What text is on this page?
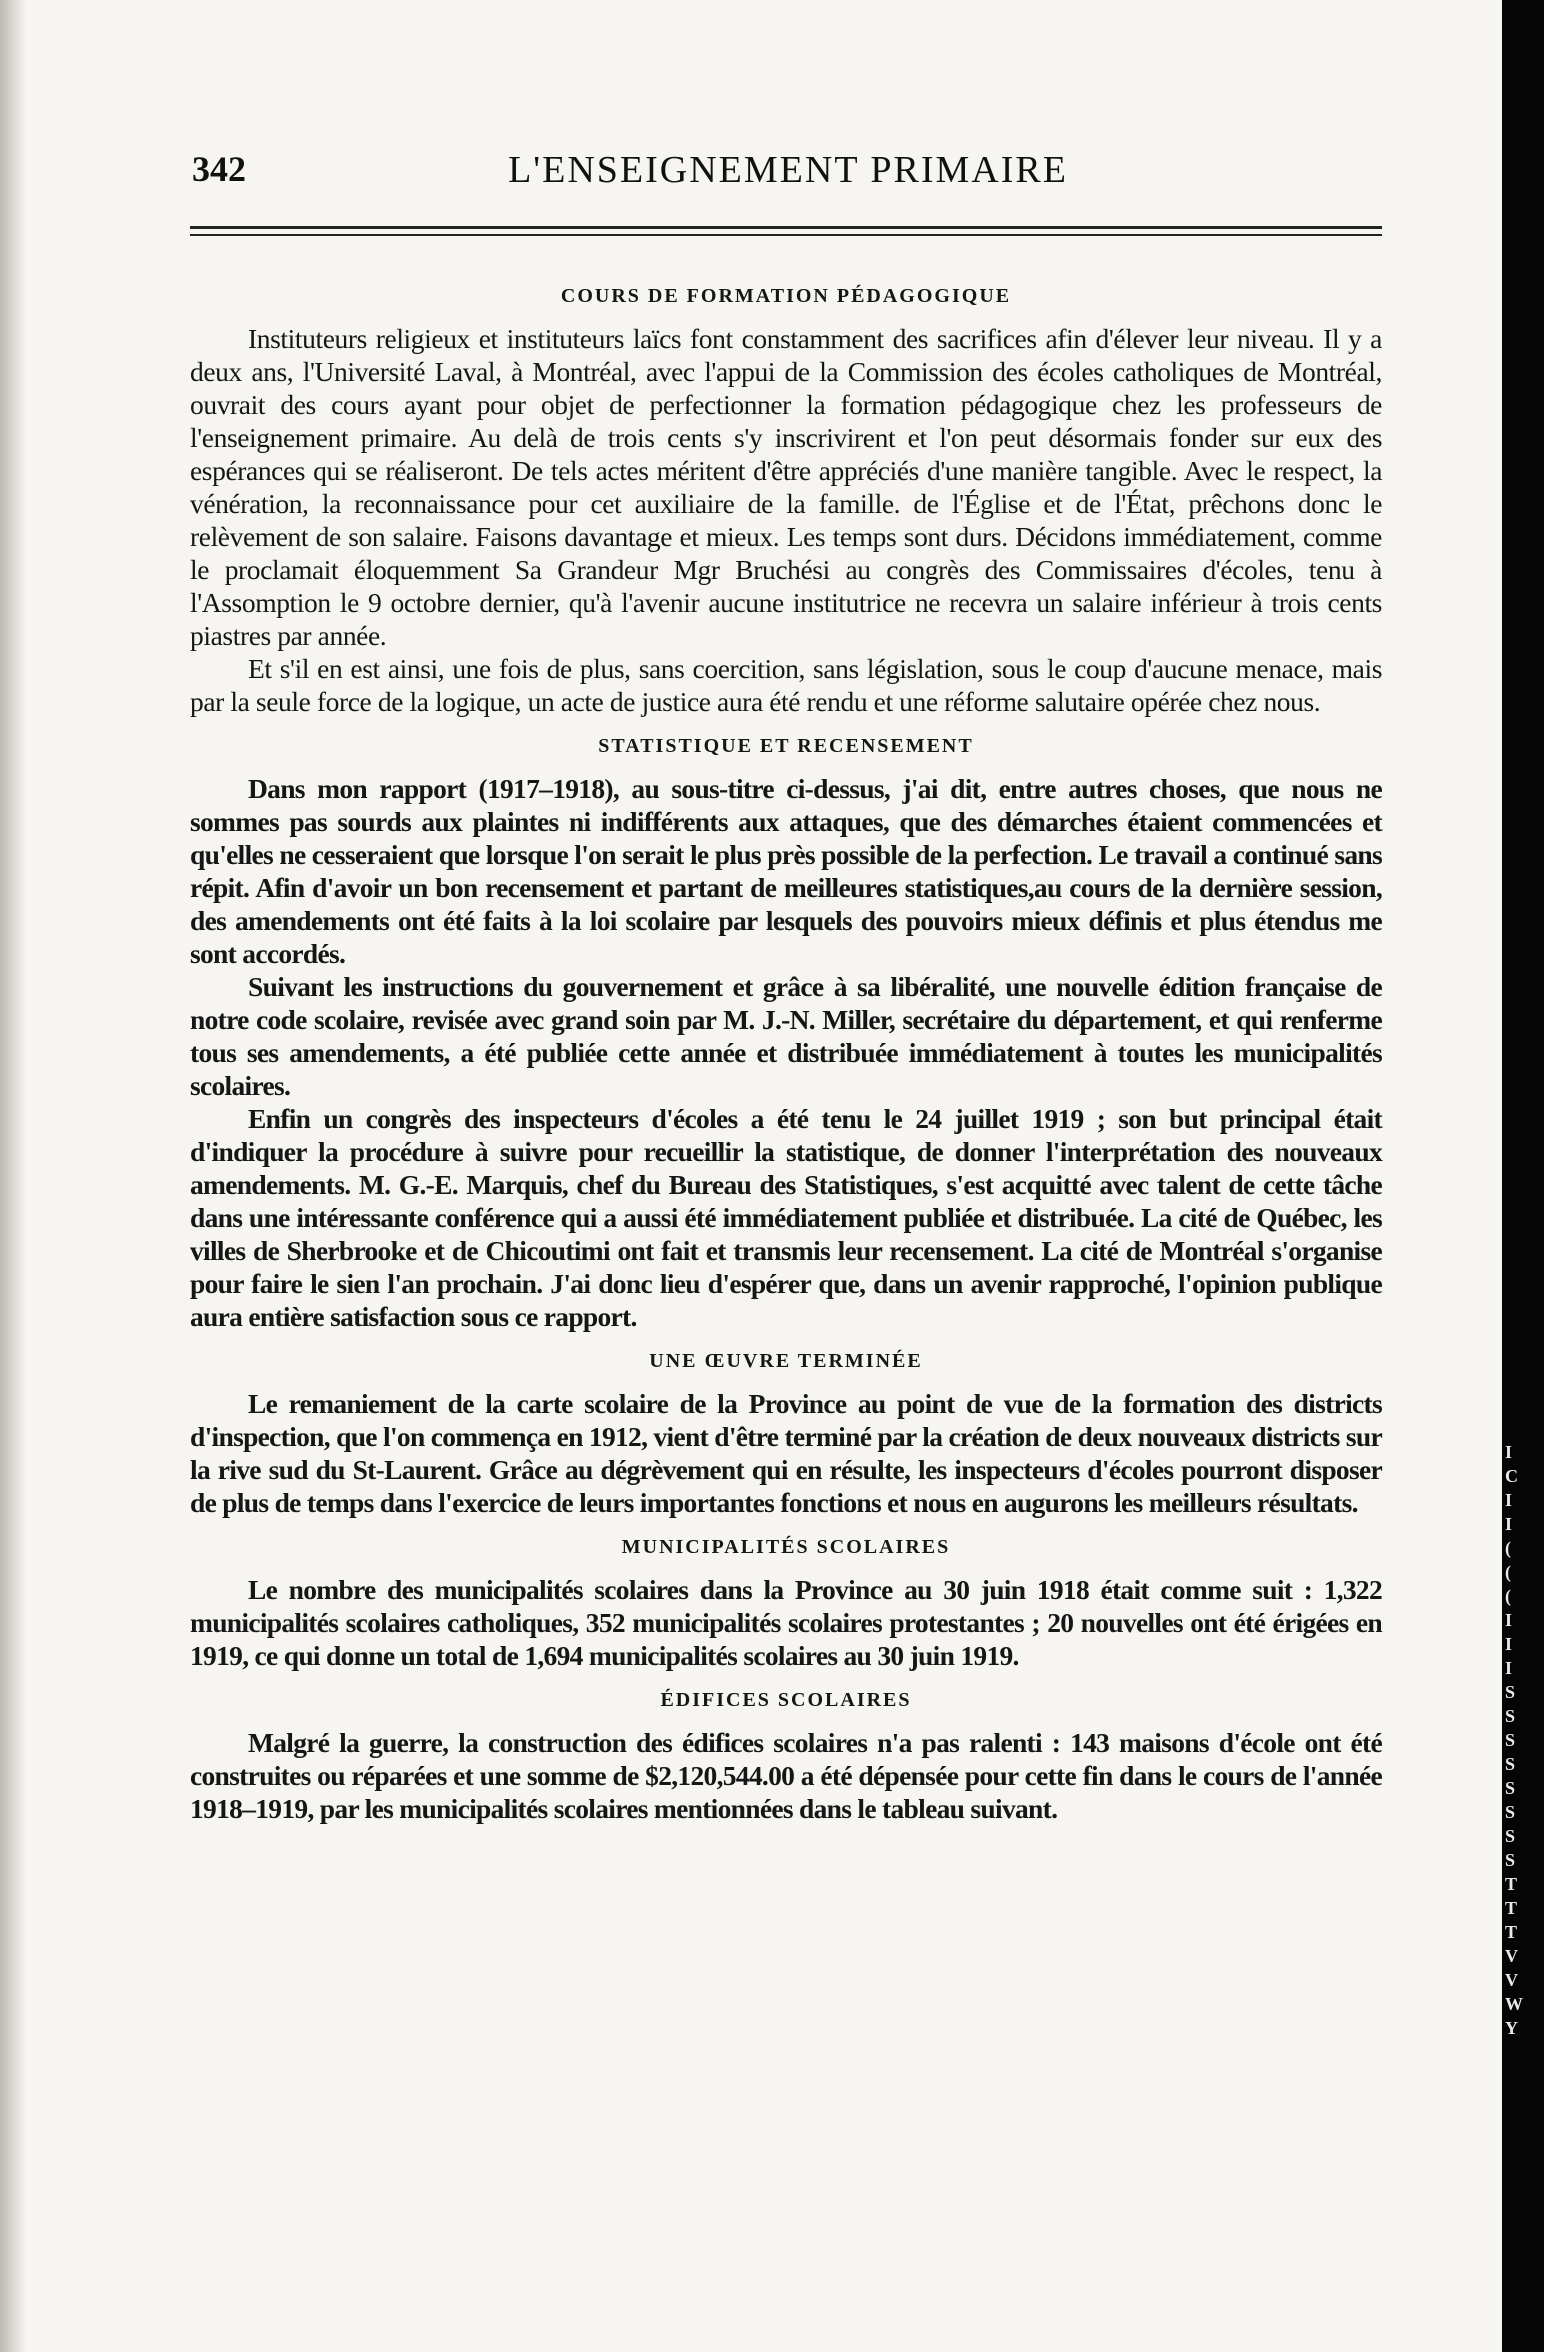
342	L'ENSEIGNEMENT PRIMAIRE
COURS DE FORMATION PÉDAGOGIQUE

Instituteurs religieux et instituteurs laïcs font constamment des sacrifices afin d'élever leur niveau. Il y a deux ans, l'Université Laval, à Montréal, avec l'appui de la Commission des écoles catholiques de Montréal, ouvrait des cours ayant pour objet de perfectionner la formation pédagogique chez les professeurs de l'enseignement primaire. Au delà de trois cents s'y inscrivirent et l'on peut désormais fonder sur eux des espérances qui se réaliseront. De tels actes méritent d'être appréciés d'une manière tangible. Avec le respect, la vénération, la reconnaissance pour cet auxiliaire de la famille. de l'Église et de l'État, prêchons donc le relèvement de son salaire. Faisons davantage et mieux. Les temps sont durs. Décidons immédiatement, comme le proclamait éloquemment Sa Grandeur Mgr Bruchési au congrès des Commissaires d'écoles, tenu à l'Assomption le 9 octobre dernier, qu'à l'avenir aucune institutrice ne recevra un salaire inférieur à trois cents piastres par année.

Et s'il en est ainsi, une fois de plus, sans coercition, sans législation, sous le coup d'aucune menace, mais par la seule force de la logique, un acte de justice aura été rendu et une réforme salutaire opérée chez nous.

STATISTIQUE ET RECENSEMENT

Dans mon rapport (1917–1918), au sous-titre ci-dessus, j'ai dit, entre autres choses, que nous ne sommes pas sourds aux plaintes ni indifférents aux attaques, que des démarches étaient commencées et qu'elles ne cesseraient que lorsque l'on serait le plus près possible de la perfection. Le travail a continué sans répit. Afin d'avoir un bon recensement et partant de meilleures statistiques,au cours de la dernière session, des amendements ont été faits à la loi scolaire par lesquels des pouvoirs mieux définis et plus étendus me sont accordés.

Suivant les instructions du gouvernement et grâce à sa libéralité, une nouvelle édition française de notre code scolaire, revisée avec grand soin par M. J.-N. Miller, secrétaire du département, et qui renferme tous ses amendements, a été publiée cette année et distribuée immédiatement à toutes les municipalités scolaires.

Enfin un congrès des inspecteurs d'écoles a été tenu le 24 juillet 1919 ; son but principal était d'indiquer la procédure à suivre pour recueillir la statistique, de donner l'interprétation des nouveaux amendements. M. G.-E. Marquis, chef du Bureau des Statistiques, s'est acquitté avec talent de cette tâche dans une intéressante conférence qui a aussi été immédiatement publiée et distribuée. La cité de Québec, les villes de Sherbrooke et de Chicoutimi ont fait et transmis leur recensement. La cité de Montréal s'organise pour faire le sien l'an prochain. J'ai donc lieu d'espérer que, dans un avenir rapproché, l'opinion publique aura entière satisfaction sous ce rapport.

UNE ŒUVRE TERMINÉE

Le remaniement de la carte scolaire de la Province au point de vue de la formation des districts d'inspection, que l'on commença en 1912, vient d'être terminé par la création de deux nouveaux districts sur la rive sud du St-Laurent. Grâce au dégrèvement qui en résulte, les inspecteurs d'écoles pourront disposer de plus de temps dans l'exercice de leurs importantes fonctions et nous en augurons les meilleurs résultats.

MUNICIPALITÉS SCOLAIRES

Le nombre des municipalités scolaires dans la Province au 30 juin 1918 était comme suit : 1,322 municipalités scolaires catholiques, 352 municipalités scolaires protestantes ; 20 nouvelles ont été érigées en 1919, ce qui donne un total de 1,694 municipalités scolaires au 30 juin 1919.

ÉDIFICES SCOLAIRES

Malgré la guerre, la construction des édifices scolaires n'a pas ralenti : 143 maisons d'école ont été construites ou réparées et une somme de $2,120,544.00 a été dépensée pour cette fin dans le cours de l'année 1918–1919, par les municipalités scolaires mentionnées dans le tableau suivant.

I
C
I
I
(
(
(
I
I
I
S
S
S
S
S
S
S
S
T
T
T
V
V
W
Y
